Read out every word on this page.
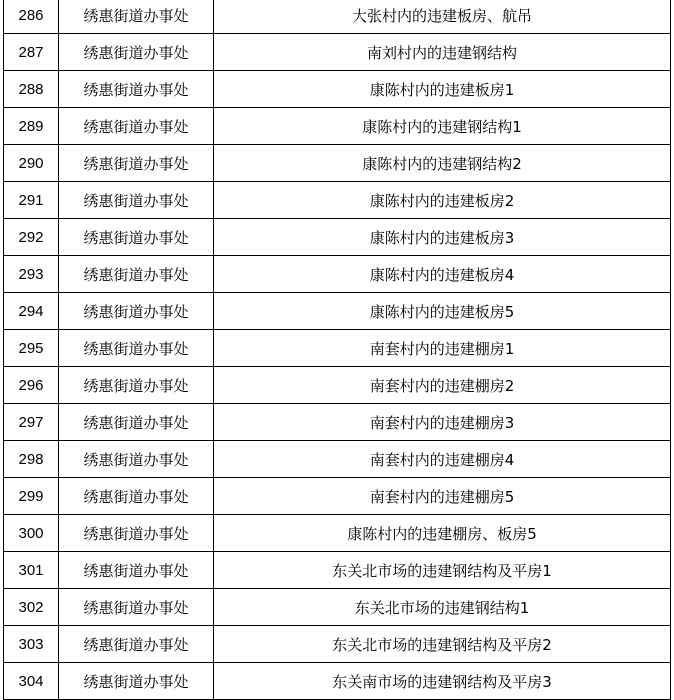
286	绣惠街道办事处	大张村内的违建板房、航吊
287	绣惠街道办事处	南刘村内的违建钢结构
288	绣惠街道办事处	康陈村内的违建板房1
289	绣惠街道办事处	康陈村内的违建钢结构1
290	绣惠街道办事处	康陈村内的违建钢结构2
291	绣惠街道办事处	康陈村内的违建板房2
292	绣惠街道办事处	康陈村内的违建板房3
293	绣惠街道办事处	康陈村内的违建板房4
294	绣惠街道办事处	康陈村内的违建板房5
295	绣惠街道办事处	南套村内的违建棚房1
296	绣惠街道办事处	南套村内的违建棚房2
297	绣惠街道办事处	南套村内的违建棚房3
298	绣惠街道办事处	南套村内的违建棚房4
299	绣惠街道办事处	南套村内的违建棚房5
300	绣惠街道办事处	康陈村内的违建棚房、板房5
301	绣惠街道办事处	东关北市场的违建钢结构及平房1
302	绣惠街道办事处	东关北市场的违建钢结构1
303	绣惠街道办事处	东关北市场的违建钢结构及平房2
304	绣惠街道办事处	东关南市场的违建钢结构及平房3
